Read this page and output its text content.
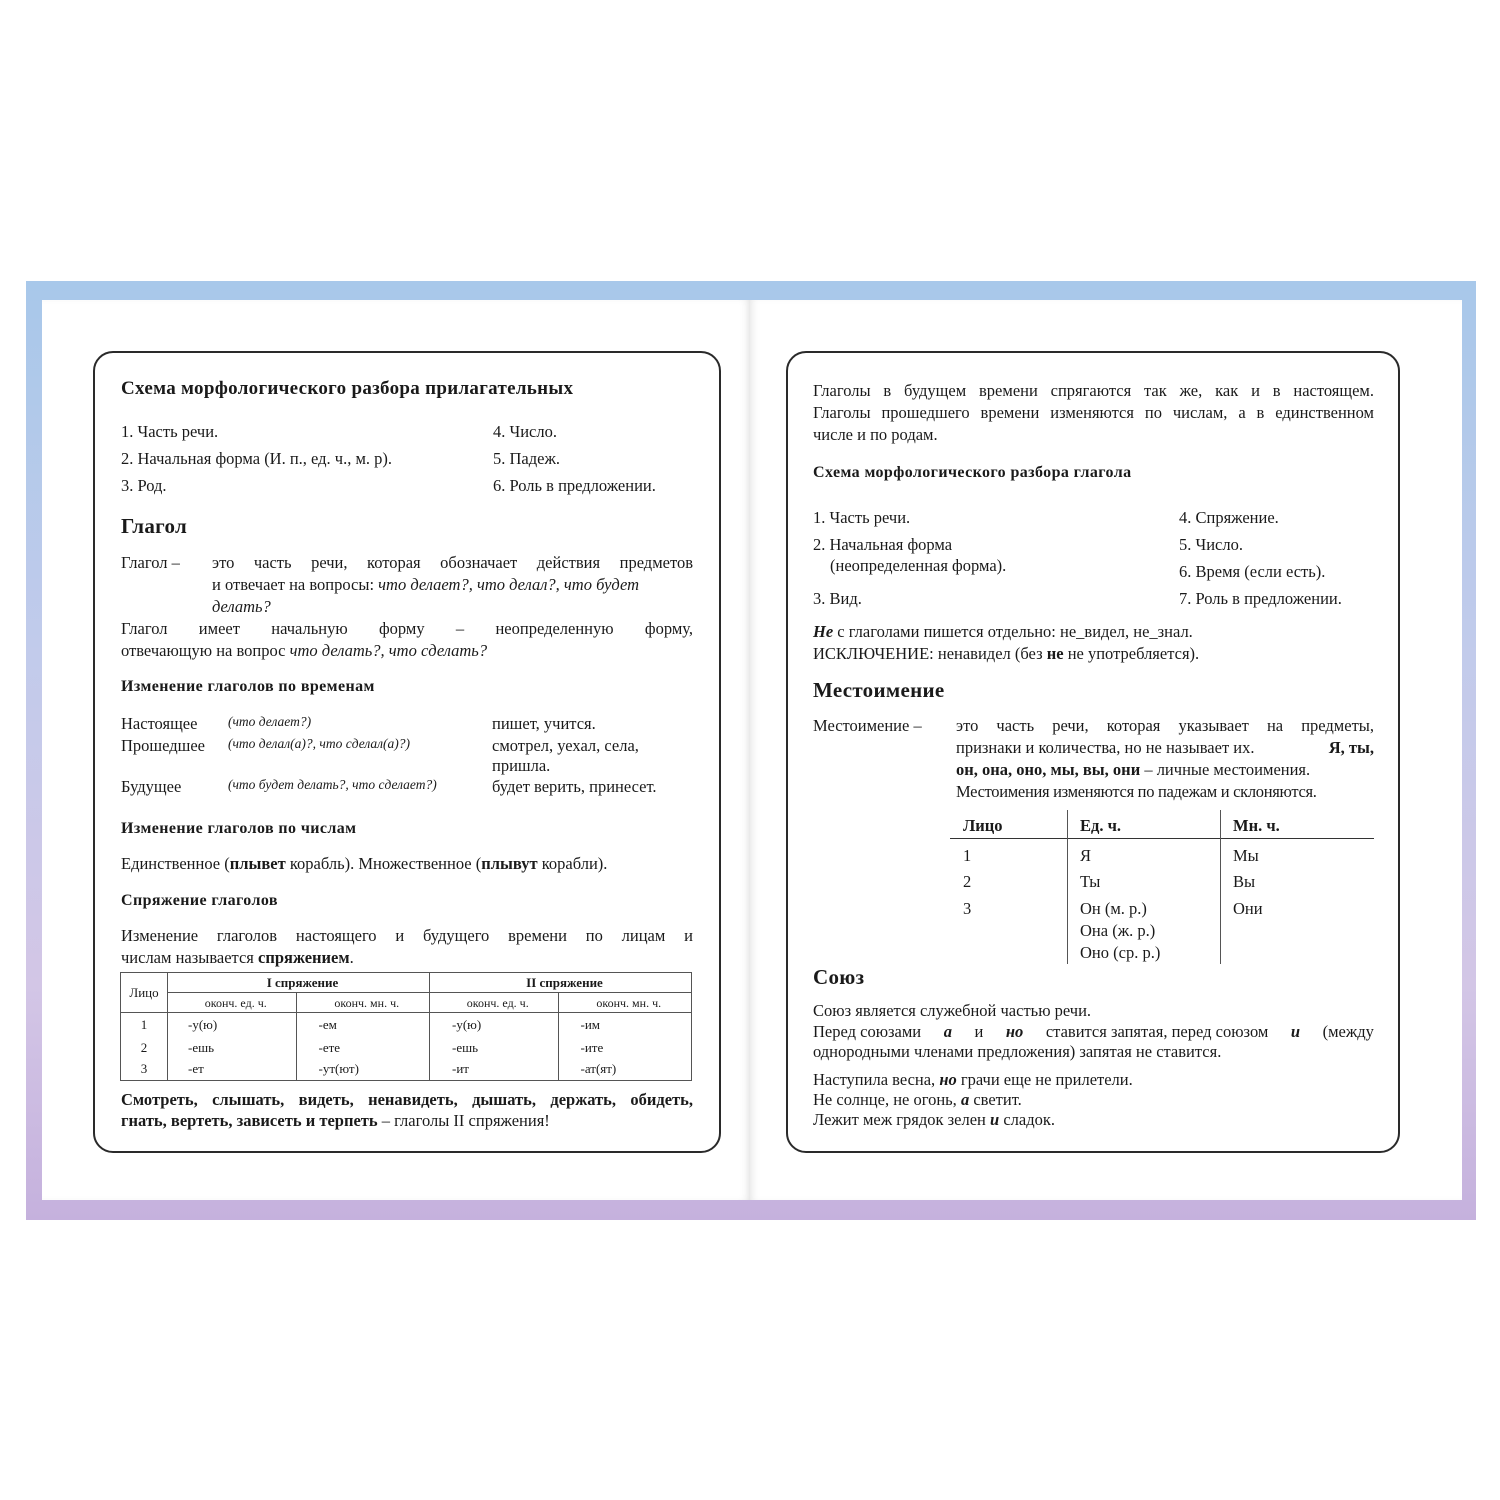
Схема морфологического разбора прилагательных
1. Часть речи.
2. Начальная форма (И. п., ед. ч., м. р).
3. Род.
4. Число.
5. Падеж.
6. Роль в предложении.
Глагол
Глагол – это часть речи, которая обозначает действия предметов
и отвечает на вопросы: что делает?, что делал?, что будет
делать?
Глагол имеет начальную форму – неопределенную форму,
отвечающую на вопрос что делать?, что сделать?
Изменение глаголов по временам
Настоящее (что делает?)	пишет, учится.
Прошедшее (что делал(а)?, что сделал(а)?)	смотрел, уехал, села,
пришла.
Будущее	(что будет делать?, что сделает?)	будет верить, принесет.
Изменение глаголов по числам
Единственное (плывет корабль). Множественное (плывут корабли).
Спряжение глаголов
Изменение глаголов настоящего и будущего времени по лицам и
числам называется спряжением.
Лицо	I спряжение		II спряжение	
	оконч. ед. ч.	оконч. мн. ч.	оконч. ед. ч.	оконч. мн. ч.
1	-у(ю)	-ем	-у(ю)	-им
2	-ешь	-ете	-ешь	-ите
3	-ет	-ут(ют)	-ит	-ат(ят)
Смотреть, слышать, видеть, ненавидеть, дышать, держать, обидеть,
гнать, вертеть, зависеть и терпеть – глаголы II спряжения!
Глаголы в будущем времени спрягаются так же, как и в настоящем.
Глаголы прошедшего времени изменяются по числам, а в единственном
числе и по родам.
Схема морфологического разбора глагола
1. Часть речи.
2. Начальная форма
(неопределенная форма).
3. Вид.
4. Спряжение.
5. Число.
6. Время (если есть).
7. Роль в предложении.
Не с глаголами пишется отдельно: не_видел, не_знал.
ИСКЛЮЧЕНИЕ: ненавидел (без не не употребляется).
Местоимение
Местоимение – это часть речи, которая указывает на предметы,
признаки и количества, но не называет их.	Я, ты,
он, она, оно, мы, вы, они – личные местоимения.
Местоимения изменяются по падежам и склоняются.
Лицо	Ед. ч.	Мн. ч.
1	Я	Мы
2	Ты	Вы
3	Он (м. р.)	Они
Она (ж. р.)
Оно (ср. р.)
Союз
Союз является служебной частью речи.
Перед союзами а и но ставится запятая, перед союзом и (между
однородными членами предложения) запятая не ставится.
Наступила весна, но грачи еще не прилетели.
Не солнце, не огонь, а светит.
Лежит меж грядок зелен и сладок.
